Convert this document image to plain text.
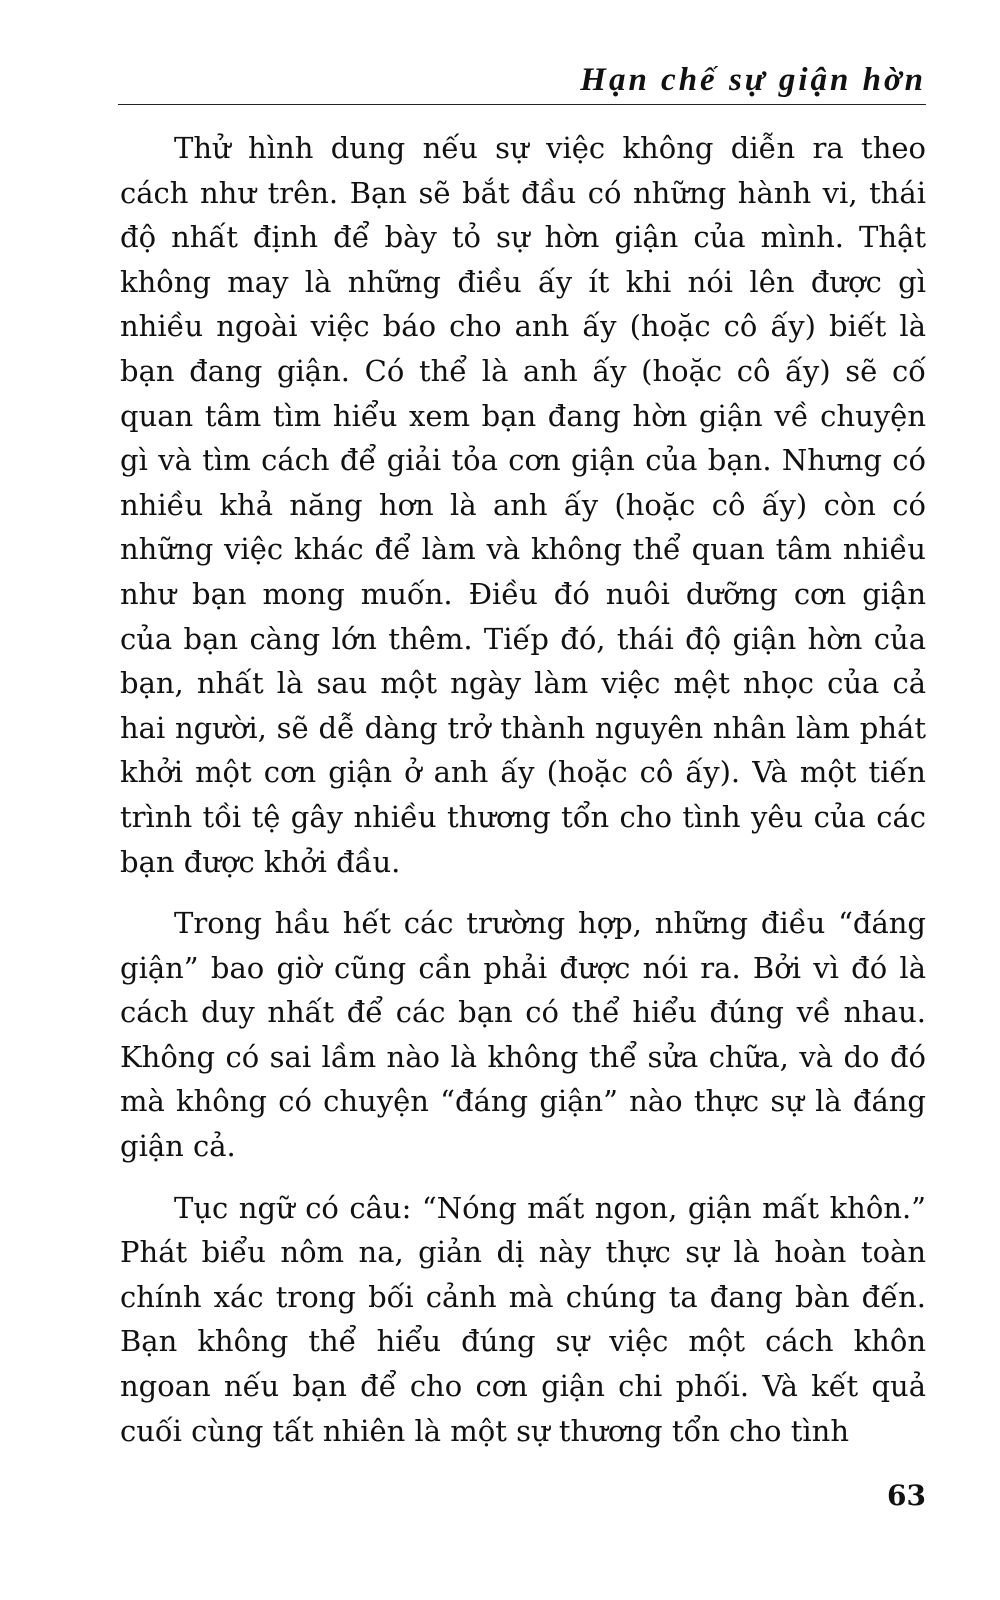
Hạn chế sự giận hờn

Thử hình dung nếu sự việc không diễn ra theo cách như trên. Bạn sẽ bắt đầu có những hành vi, thái độ nhất định để bày tỏ sự hờn giận của mình. Thật không may là những điều ấy ít khi nói lên được gì nhiều ngoài việc báo cho anh ấy (hoặc cô ấy) biết là bạn đang giận. Có thể là anh ấy (hoặc cô ấy) sẽ cố quan tâm tìm hiểu xem bạn đang hờn giận về chuyện gì và tìm cách để giải tỏa cơn giận của bạn. Nhưng có nhiều khả năng hơn là anh ấy (hoặc cô ấy) còn có những việc khác để làm và không thể quan tâm nhiều như bạn mong muốn. Điều đó nuôi dưỡng cơn giận của bạn càng lớn thêm. Tiếp đó, thái độ giận hờn của bạn, nhất là sau một ngày làm việc mệt nhọc của cả hai người, sẽ dễ dàng trở thành nguyên nhân làm phát khởi một cơn giận ở anh ấy (hoặc cô ấy). Và một tiến trình tồi tệ gây nhiều thương tổn cho tình yêu của các bạn được khởi đầu.

Trong hầu hết các trường hợp, những điều “đáng giận” bao giờ cũng cần phải được nói ra. Bởi vì đó là cách duy nhất để các bạn có thể hiểu đúng về nhau. Không có sai lầm nào là không thể sửa chữa, và do đó mà không có chuyện “đáng giận” nào thực sự là đáng giận cả.

Tục ngữ có câu: “Nóng mất ngon, giận mất khôn.” Phát biểu nôm na, giản dị này thực sự là hoàn toàn chính xác trong bối cảnh mà chúng ta đang bàn đến. Bạn không thể hiểu đúng sự việc một cách khôn ngoan nếu bạn để cho cơn giận chi phối. Và kết quả cuối cùng tất nhiên là một sự thương tổn cho tình

63
